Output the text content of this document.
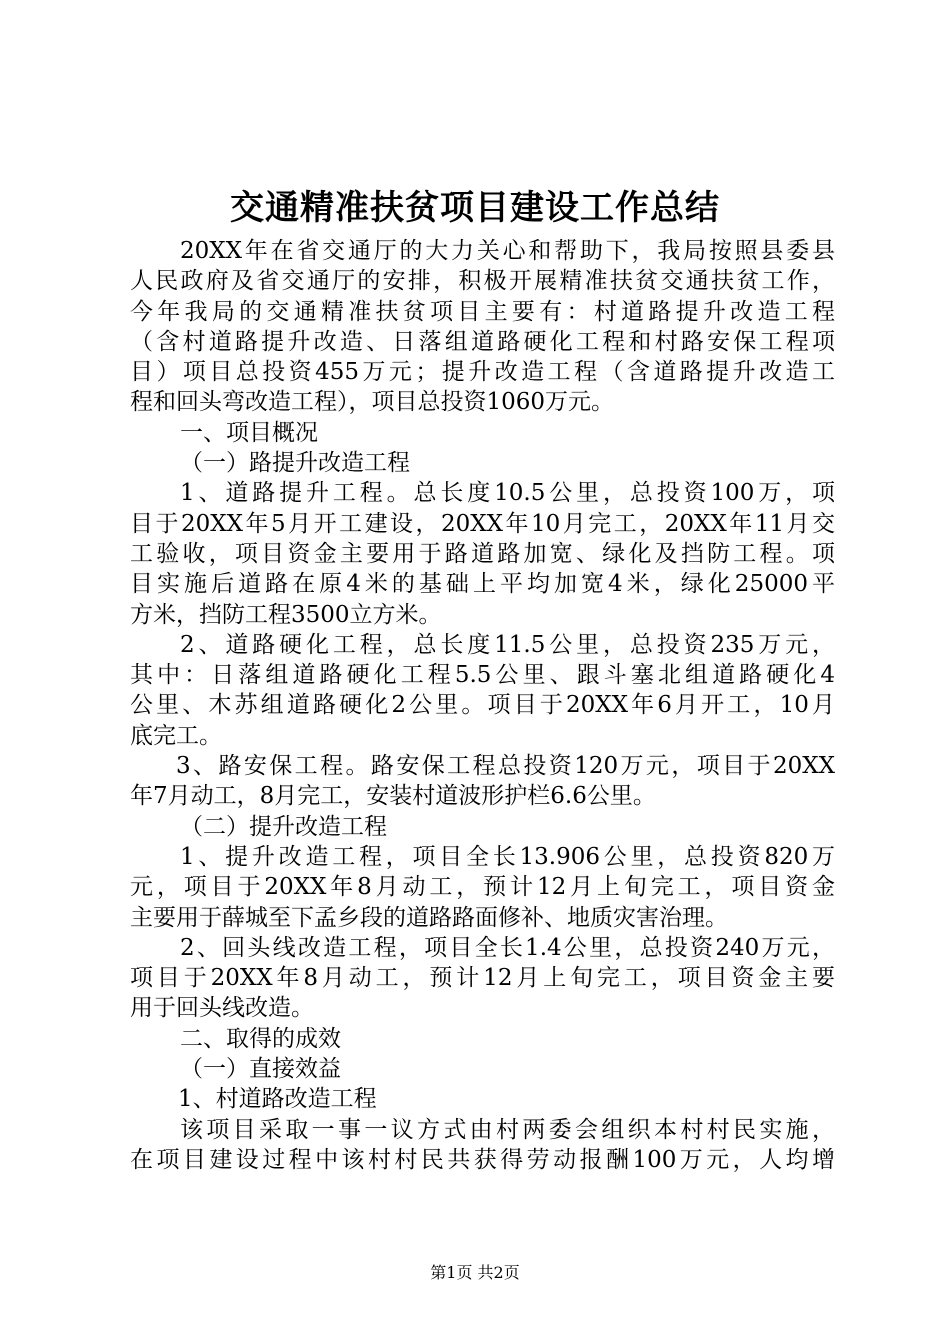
交通精准扶贫项目建设工作总结
20XX年在省交通厅的大力关心和帮助下，我局按照县委县
人民政府及省交通厅的安排，积极开展精准扶贫交通扶贫工作，
今年我局的交通精准扶贫项目主要有：村道路提升改造工程
（含村道路提升改造、日落组道路硬化工程和村路安保工程项
目）项目总投资455万元；提升改造工程（含道路提升改造工
程和回头弯改造工程），项目总投资1060万元。
一、项目概况
（一）路提升改造工程
1、道路提升工程。总长度10.5公里，总投资100万，项
目于20XX年5月开工建设，20XX年10月完工，20XX年11月交
工验收，项目资金主要用于路道路加宽、绿化及挡防工程。项
目实施后道路在原4米的基础上平均加宽4米，绿化25000平
方米，挡防工程3500立方米。
2、道路硬化工程，总长度11.5公里，总投资235万元，
其中：日落组道路硬化工程5.5公里、跟斗塞北组道路硬化4
公里、木苏组道路硬化2公里。项目于20XX年6月开工，10月
底完工。
3、路安保工程。路安保工程总投资120万元，项目于20XX
年7月动工，8月完工，安装村道波形护栏6.6公里。
（二）提升改造工程
1、提升改造工程，项目全长13.906公里，总投资820万
元，项目于20XX年8月动工，预计12月上旬完工，项目资金
主要用于薛城至下孟乡段的道路路面修补、地质灾害治理。
2、回头线改造工程，项目全长1.4公里，总投资240万元，
项目于20XX年8月动工，预计12月上旬完工，项目资金主要
用于回头线改造。
二、取得的成效
（一）直接效益
1、村道路改造工程
该项目采取一事一议方式由村两委会组织本村村民实施，
在项目建设过程中该村村民共获得劳动报酬100万元，人均增
第1页 共2页
